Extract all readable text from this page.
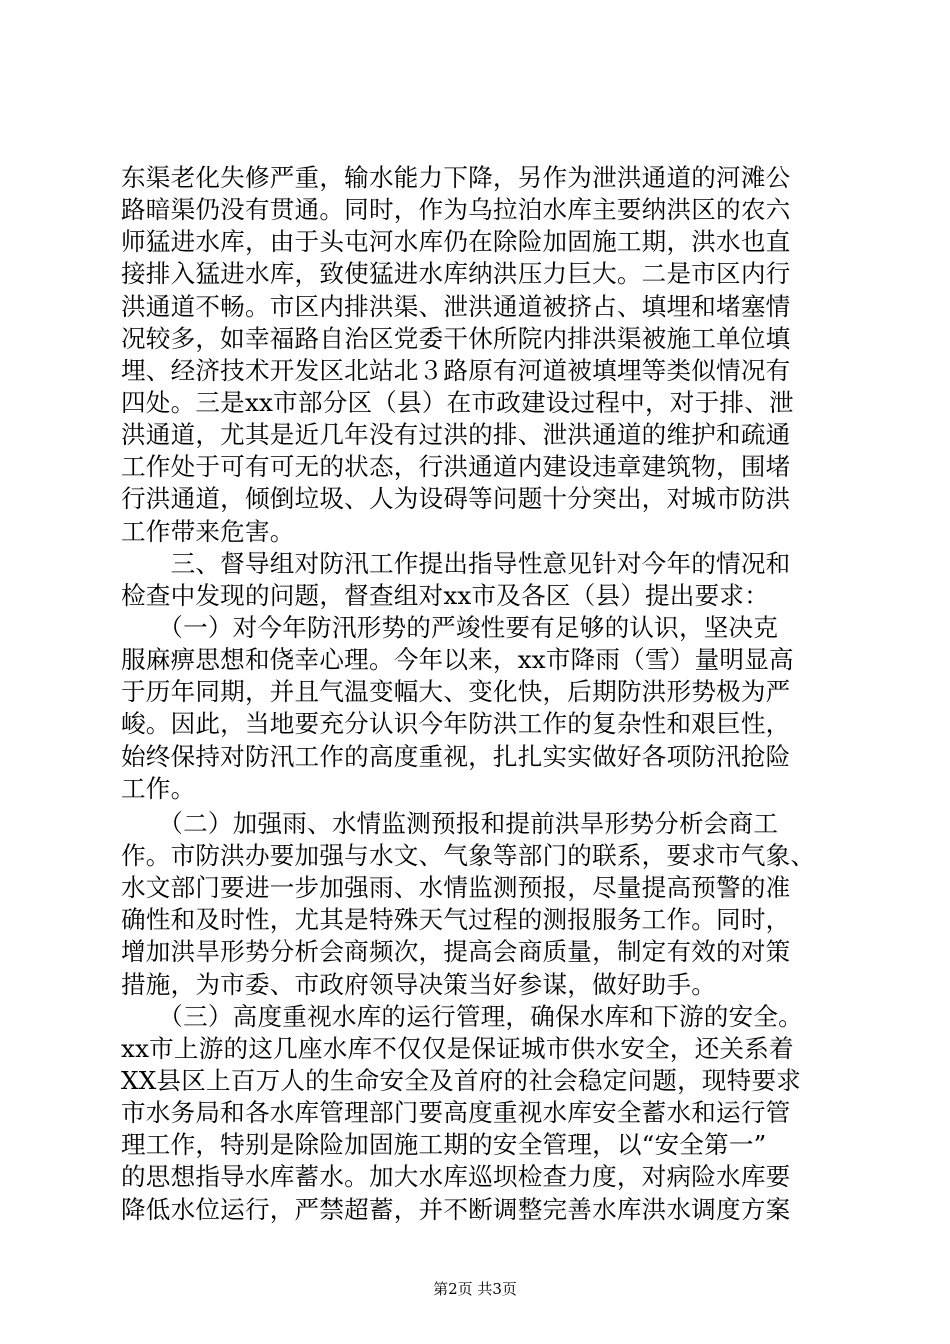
东渠老化失修严重，输水能力下降，另作为泄洪通道的河滩公
路暗渠仍没有贯通。同时，作为乌拉泊水库主要纳洪区的农六
师猛进水库，由于头屯河水库仍在除险加固施工期，洪水也直
接排入猛进水库，致使猛进水库纳洪压力巨大。二是市区内行
洪通道不畅。市区内排洪渠、泄洪通道被挤占、填埋和堵塞情
况较多，如幸福路自治区党委干休所院内排洪渠被施工单位填
埋、经济技术开发区北站北３路原有河道被填埋等类似情况有
四处。三是xx市部分区（县）在市政建设过程中，对于排、泄
洪通道，尤其是近几年没有过洪的排、泄洪通道的维护和疏通
工作处于可有可无的状态，行洪通道内建设违章建筑物，围堵
行洪通道，倾倒垃圾、人为设碍等问题十分突出，对城市防洪
工作带来危害。
　　三、督导组对防汛工作提出指导性意见针对今年的情况和
检查中发现的问题，督查组对xx市及各区（县）提出要求：
　　（一）对今年防汛形势的严竣性要有足够的认识，坚决克
服麻痹思想和侥幸心理。今年以来，xx市降雨（雪）量明显高
于历年同期，并且气温变幅大、变化快，后期防洪形势极为严
峻。因此，当地要充分认识今年防洪工作的复杂性和艰巨性，
始终保持对防汛工作的高度重视，扎扎实实做好各项防汛抢险
工作。
　　（二）加强雨、水情监测预报和提前洪旱形势分析会商工
作。市防洪办要加强与水文、气象等部门的联系，要求市气象、
水文部门要进一步加强雨、水情监测预报，尽量提高预警的准
确性和及时性，尤其是特殊天气过程的测报服务工作。同时，
增加洪旱形势分析会商频次，提高会商质量，制定有效的对策
措施，为市委、市政府领导决策当好参谋，做好助手。
　　（三）高度重视水库的运行管理，确保水库和下游的安全。
xx市上游的这几座水库不仅仅是保证城市供水安全，还关系着
XX县区上百万人的生命安全及首府的社会稳定问题，现特要求
市水务局和各水库管理部门要高度重视水库安全蓄水和运行管
理工作，特别是除险加固施工期的安全管理，以“安全第一”
的思想指导水库蓄水。加大水库巡坝检查力度，对病险水库要
降低水位运行，严禁超蓄，并不断调整完善水库洪水调度方案
第2页 共3页
